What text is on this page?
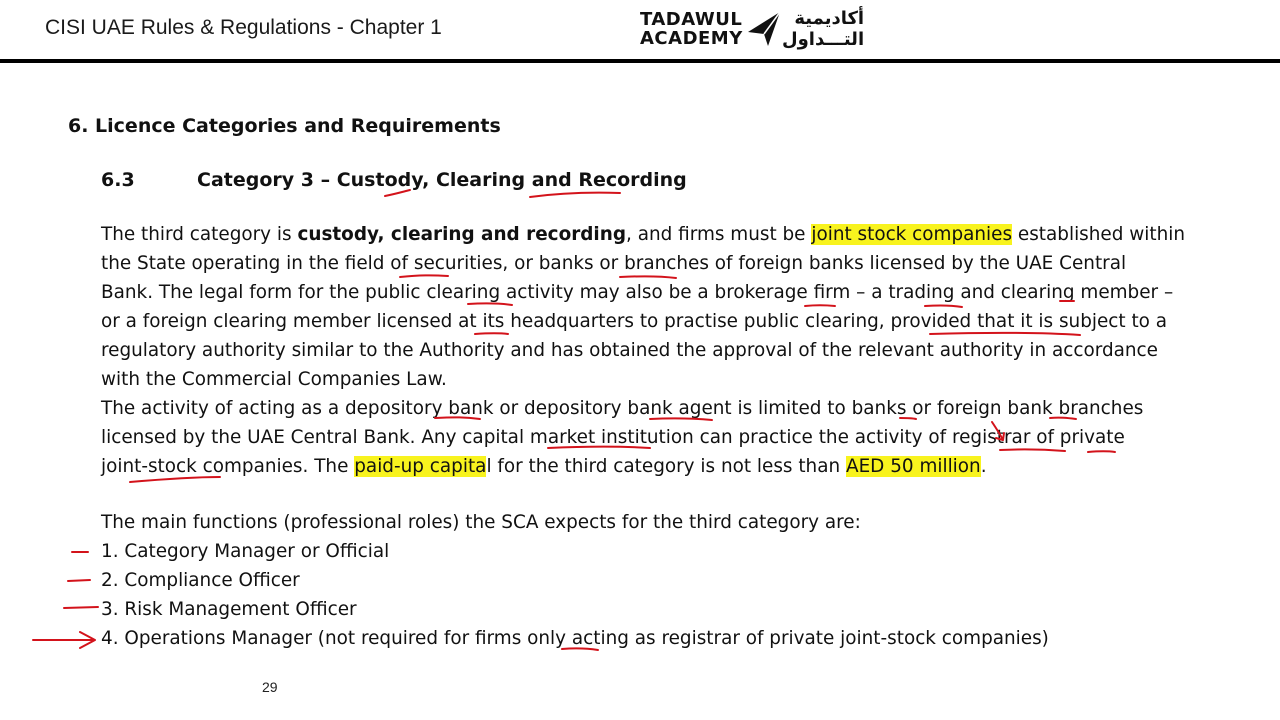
CISI UAE Rules & Regulations - Chapter 1	TADAWUL
ACADEMY
أكاديمية
التـــداول
6. Licence Categories and Requirements
6.3	Category 3 – Custody, Clearing and Recording
The third category is custody, clearing and recording, and firms must be joint stock companies established within
the State operating in the field of securities, or banks or branches of foreign banks licensed by the UAE Central
Bank. The legal form for the public clearing activity may also be a brokerage firm – a trading and clearing member –
or a foreign clearing member licensed at its headquarters to practise public clearing, provided that it is subject to a
regulatory authority similar to the Authority and has obtained the approval of the relevant authority in accordance
with the Commercial Companies Law.
The activity of acting as a depository bank or depository bank agent is limited to banks or foreign bank branches
licensed by the UAE Central Bank. Any capital market institution can practice the activity of registrar of private
joint-stock companies. The paid-up capital for the third category is not less than AED 50 million.
The main functions (professional roles) the SCA expects for the third category are:
1. Category Manager or Official
2. Compliance Officer
3. Risk Management Officer
4. Operations Manager (not required for firms only acting as registrar of private joint-stock companies)
29
